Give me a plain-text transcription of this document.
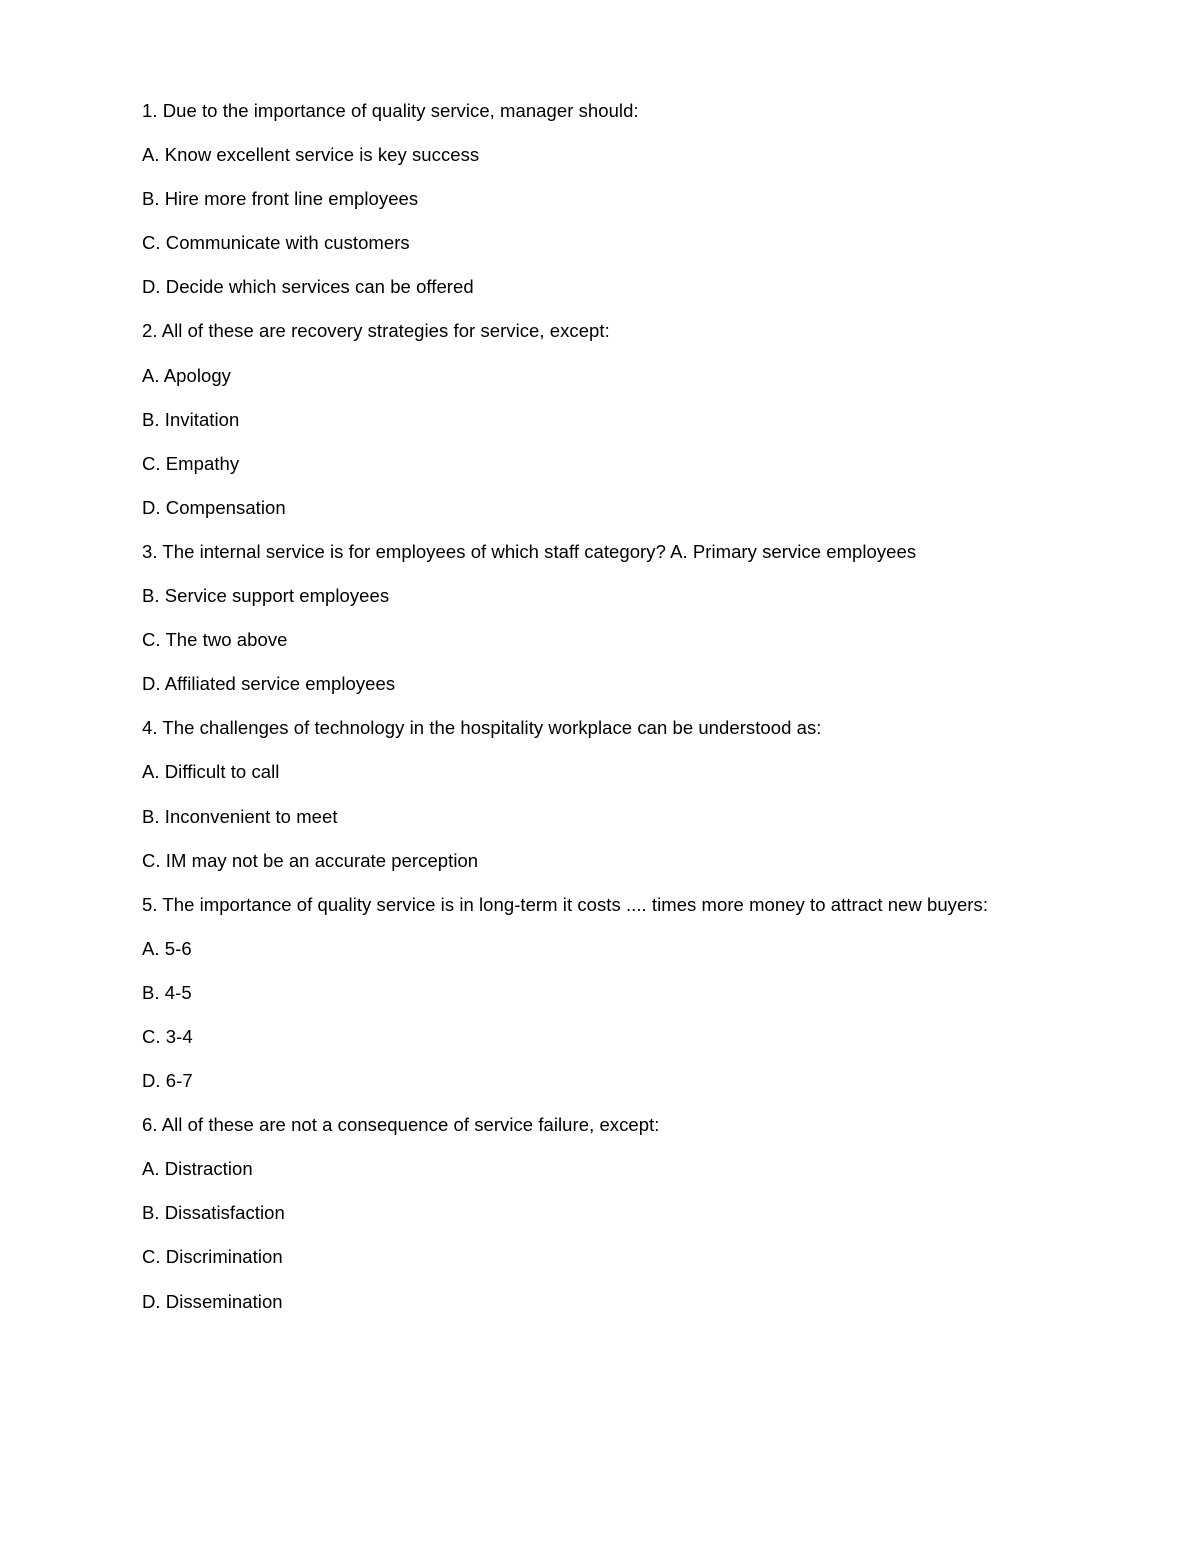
1. Due to the importance of quality service, manager should:
A. Know excellent service is key success
B. Hire more front line employees
C. Communicate with customers
D. Decide which services can be offered
2. All of these are recovery strategies for service, except:
A. Apology
B. Invitation
C. Empathy
D. Compensation
3. The internal service is for employees of which staff category? A. Primary service employees
B. Service support employees
C. The two above
D. Affiliated service employees
4. The challenges of technology in the hospitality workplace can be understood as:
A. Difficult to call
B. Inconvenient to meet
C. IM may not be an accurate perception
5. The importance of quality service is in long-term it costs .... times more money to attract new buyers:
A. 5-6
B. 4-5
C. 3-4
D. 6-7
6. All of these are not a consequence of service failure, except:
A. Distraction
B. Dissatisfaction
C. Discrimination
D. Dissemination
